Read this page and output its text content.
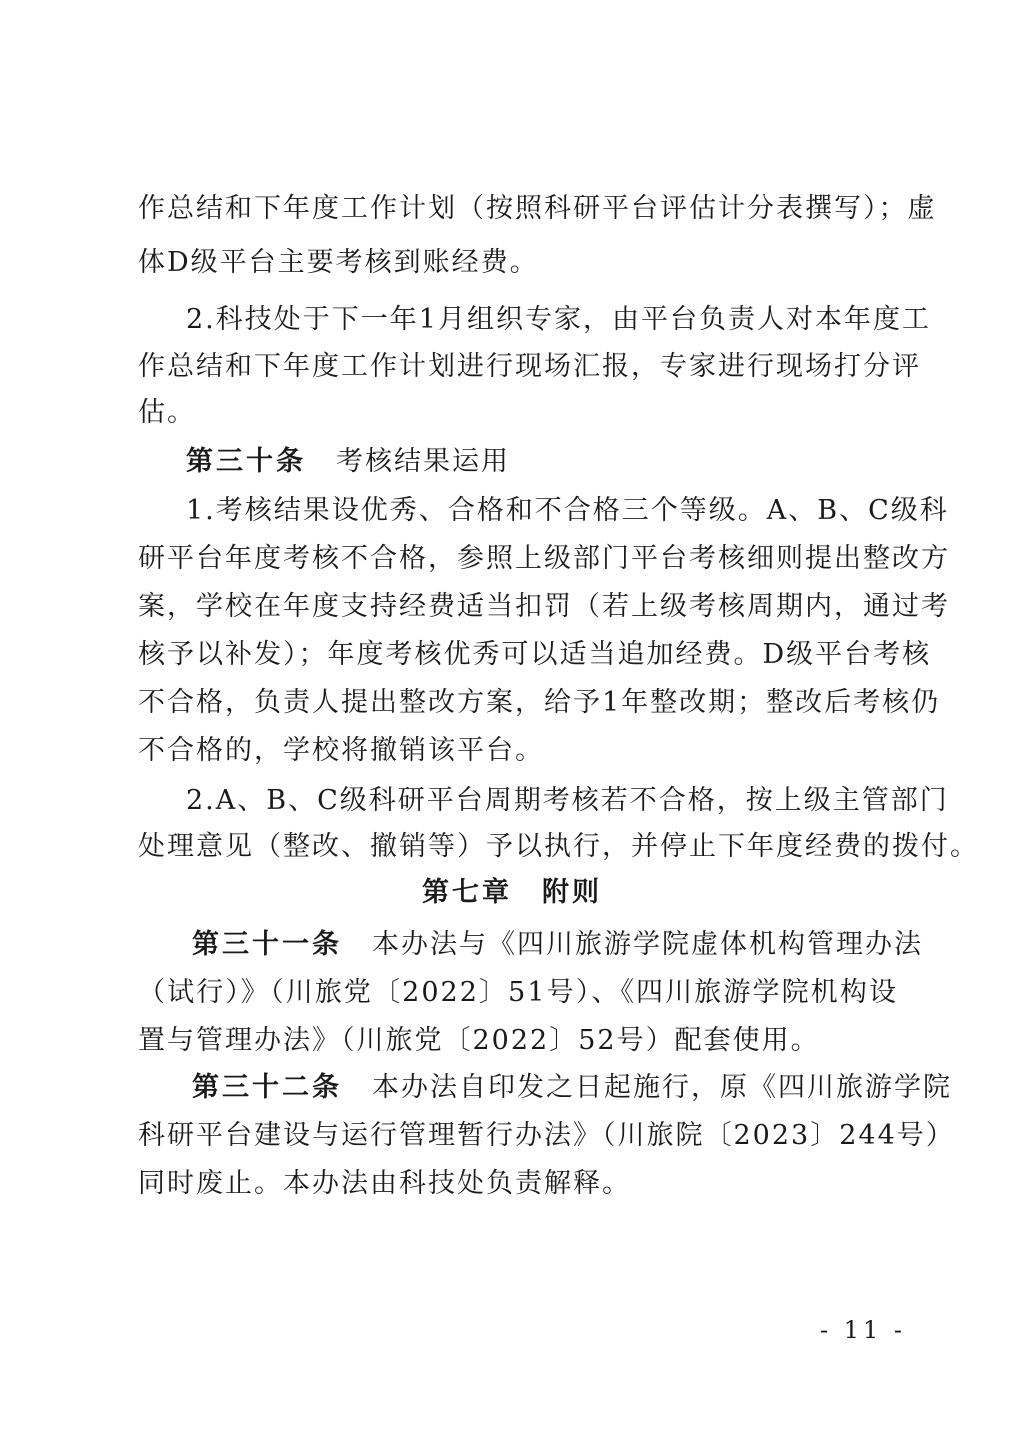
作总结和下年度工作计划（按照科研平台评估计分表撰写）；虚
体D级平台主要考核到账经费。
2.科技处于下一年1月组织专家，由平台负责人对本年度工
作总结和下年度工作计划进行现场汇报，专家进行现场打分评
估。
第三十条 考核结果运用
1.考核结果设优秀、合格和不合格三个等级。A、B、C级科
研平台年度考核不合格，参照上级部门平台考核细则提出整改方
案，学校在年度支持经费适当扣罚（若上级考核周期内，通过考
核予以补发）；年度考核优秀可以适当追加经费。D级平台考核
不合格，负责人提出整改方案，给予1年整改期；整改后考核仍
不合格的，学校将撤销该平台。
2.A、B、C级科研平台周期考核若不合格，按上级主管部门
处理意见（整改、撤销等）予以执行，并停止下年度经费的拨付。
第七章 附则
第三十一条 本办法与《四川旅游学院虚体机构管理办法
（试行）》（川旅党〔2022〕51号）、《四川旅游学院机构设
置与管理办法》（川旅党〔2022〕52号）配套使用。
第三十二条 本办法自印发之日起施行，原《四川旅游学院
科研平台建设与运行管理暂行办法》（川旅院〔2023〕244号）
同时废止。本办法由科技处负责解释。
- 11 -
